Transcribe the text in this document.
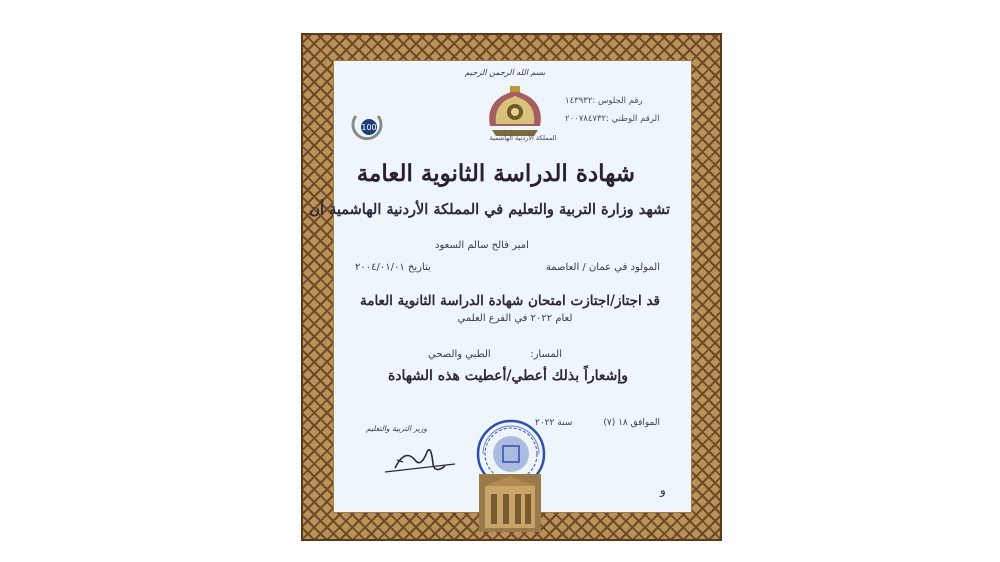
100
بسم الله الرحمن الرحيم
رقم الجلوس :١٤٣٩٣٢
الرقم الوطني :٢٠٠٧٨٤٧٣٢
المملكة الأردنية الهاشمية
شهادة الدراسة الثانوية العامة
تشهد وزارة التربية والتعليم في المملكة الأردنية الهاشمية أن
امير فالح سالم السعود
المولود في عمان / العاصمة
بتاريخ ٢٠٠٤/٠١/٠١
قد اجتاز/اجتازت امتحان شهادة الدراسة الثانوية العامة
لعام ٢٠٢٢ في الفرع العلمي
المسار:
الطبي والصحي
وإشعاراً بذلك أعطي/أعطيت هذه الشهادة
الموافق ١٨ (٧)
سنة ٢٠٢٢
وزير التربية والتعليم
و
